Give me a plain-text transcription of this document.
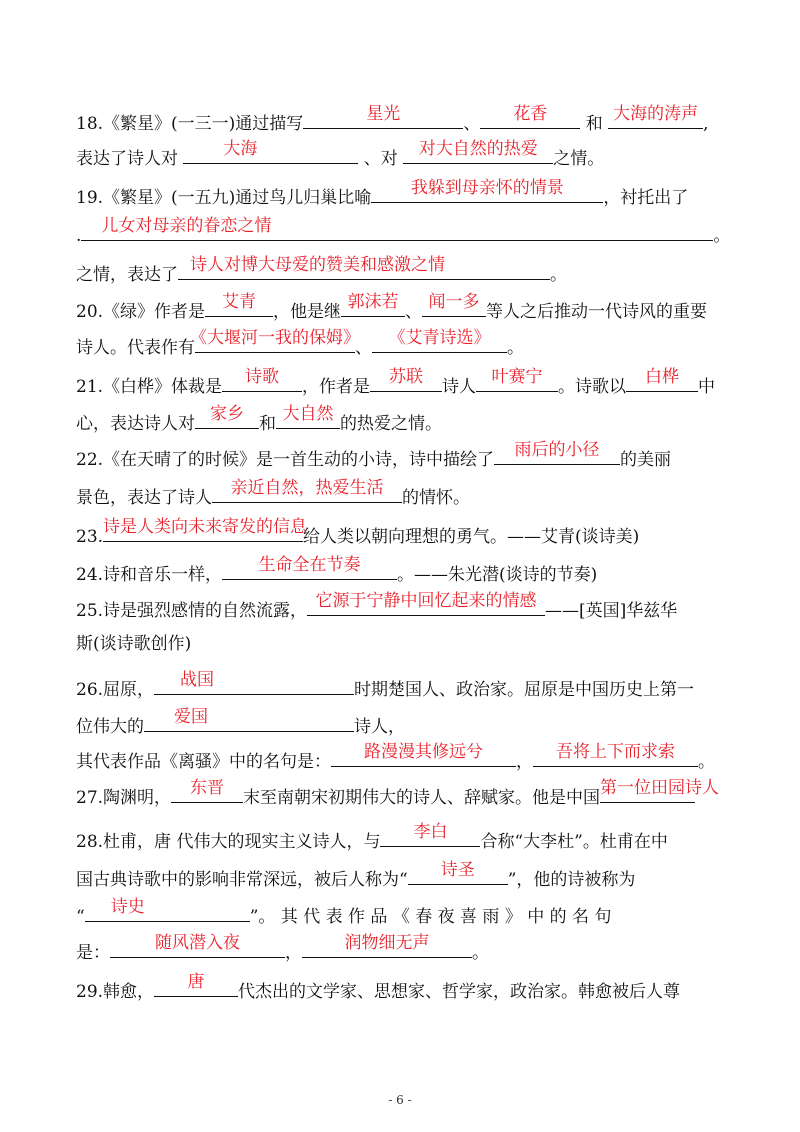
18.《繁星》(一三一)通过描写	星光	、 花香 和 大海的涛声 ,
表达了诗人对 大海	、对 对大自然的热爱 之情。
19.《繁星》(一五九)通过鸟儿归巢比喻 我躲到母亲怀的情景 ，衬托出了
. 儿女对母亲的眷恋之情	。
之情，表达了 诗人对博大母爱的赞美和感激之情	。
20.《绿》作者是 艾青 ，他是继 郭沫若 、 闻一多 等人之后推动一代诗风的重要
诗人。代表作有
《大堰河一我的保姆》
、 《艾青诗选》 。
21.《白桦》体裁是 诗歌 ，作者是 苏联 诗人 叶赛宁 。诗歌以 白桦 中
心，表达诗人对 家乡 和 大自然 的热爱之情。
22.《在天晴了的时候》是一首生动的小诗，诗中描绘了 雨后的小径 的美丽
景色，表达了诗人 亲近自然，热爱生活 的情怀。
23. 诗是人类向未来寄发的信息
给人类以朝向理想的勇气。——艾青(谈诗美)
24.诗和音乐一样， 生命全在节奏 。——朱光潜(谈诗的节奏)
25.诗是强烈感情的自然流露， 它源于宁静中回忆起来的情感 ——[英国]华兹华
斯(谈诗歌创作)
26.屈原， 战国	时期楚国人、政治家。屈原是中国历史上第一
位伟大的 爱国	诗人，
其代表作品《离骚》中的名句是： 路漫漫其修远兮 ， 吾将上下而求索 。
27.陶渊明， 东晋 末至南朝宋初期伟大的诗人、辞赋家。他是中国 第一位田园诗人
28.杜甫，唐 代伟大的现实主义诗人，与 李白 合称“大李杜”。杜甫在中
国古典诗歌中的影响非常深远，被后人称为“ 诗圣 ”，他的诗被称为
“ 诗史	”。 其 代 表 作 品 《 春 夜 喜 雨 》 中 的 名 句
是：	随风潜入夜	，	润物细无声	。
29.韩愈， 唐 代杰出的文学家、思想家、哲学家，政治家。韩愈被后人尊
- 6 -
